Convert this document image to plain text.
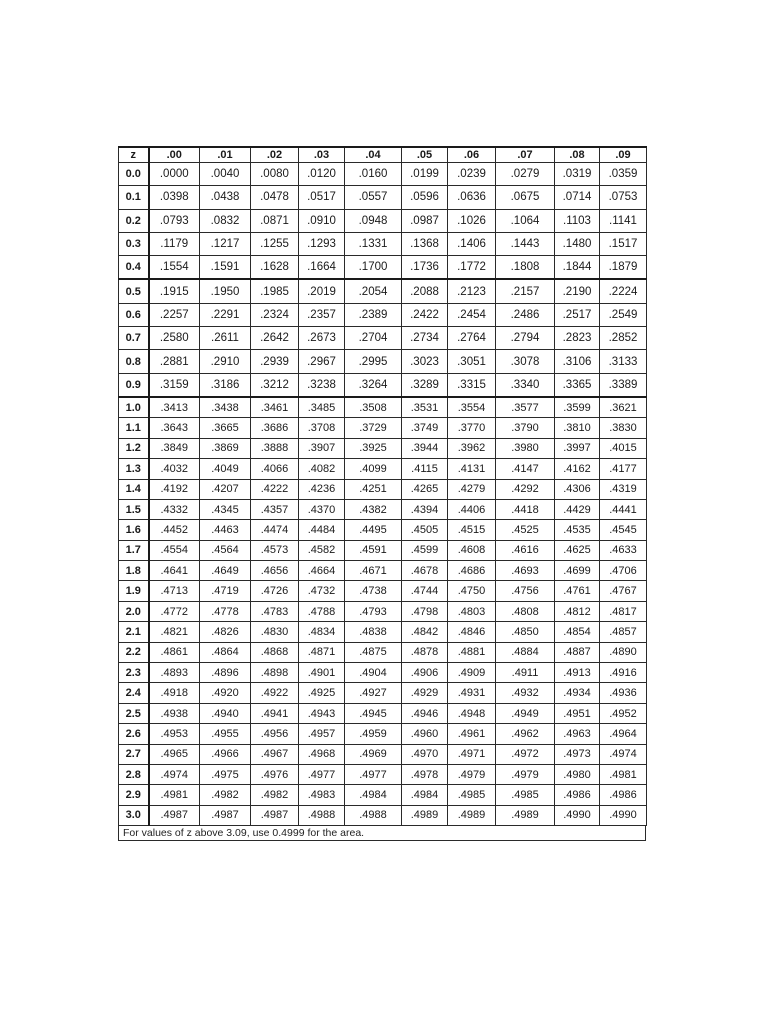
z	.00	.01	.02	.03	.04	.05	.06	.07	.08	.09
0.0	.0000	.0040	.0080	.0120	.0160	.0199	.0239	.0279	.0319	.0359
0.1	.0398	.0438	.0478	.0517	.0557	.0596	.0636	.0675	.0714	.0753
0.2	.0793	.0832	.0871	.0910	.0948	.0987	.1026	.1064	.1103	.1141
0.3	.1179	.1217	.1255	.1293	.1331	.1368	.1406	.1443	.1480	.1517
0.4	.1554	.1591	.1628	.1664	.1700	.1736	.1772	.1808	.1844	.1879
0.5	.1915	.1950	.1985	.2019	.2054	.2088	.2123	.2157	.2190	.2224
0.6	.2257	.2291	.2324	.2357	.2389	.2422	.2454	.2486	.2517	.2549
0.7	.2580	.2611	.2642	.2673	.2704	.2734	.2764	.2794	.2823	.2852
0.8	.2881	.2910	.2939	.2967	.2995	.3023	.3051	.3078	.3106	.3133
0.9	.3159	.3186	.3212	.3238	.3264	.3289	.3315	.3340	.3365	.3389
1.0	.3413	.3438	.3461	.3485	.3508	.3531	.3554	.3577	.3599	.3621
1.1	.3643	.3665	.3686	.3708	.3729	.3749	.3770	.3790	.3810	.3830
1.2	.3849	.3869	.3888	.3907	.3925	.3944	.3962	.3980	.3997	.4015
1.3	.4032	.4049	.4066	.4082	.4099	.4115	.4131	.4147	.4162	.4177
1.4	.4192	.4207	.4222	.4236	.4251	.4265	.4279	.4292	.4306	.4319
1.5	.4332	.4345	.4357	.4370	.4382	.4394	.4406	.4418	.4429	.4441
1.6	.4452	.4463	.4474	.4484	.4495	.4505	.4515	.4525	.4535	.4545
1.7	.4554	.4564	.4573	.4582	.4591	.4599	.4608	.4616	.4625	.4633
1.8	.4641	.4649	.4656	.4664	.4671	.4678	.4686	.4693	.4699	.4706
1.9	.4713	.4719	.4726	.4732	.4738	.4744	.4750	.4756	.4761	.4767
2.0	.4772	.4778	.4783	.4788	.4793	.4798	.4803	.4808	.4812	.4817
2.1	.4821	.4826	.4830	.4834	.4838	.4842	.4846	.4850	.4854	.4857
2.2	.4861	.4864	.4868	.4871	.4875	.4878	.4881	.4884	.4887	.4890
2.3	.4893	.4896	.4898	.4901	.4904	.4906	.4909	.4911	.4913	.4916
2.4	.4918	.4920	.4922	.4925	.4927	.4929	.4931	.4932	.4934	.4936
2.5	.4938	.4940	.4941	.4943	.4945	.4946	.4948	.4949	.4951	.4952
2.6	.4953	.4955	.4956	.4957	.4959	.4960	.4961	.4962	.4963	.4964
2.7	.4965	.4966	.4967	.4968	.4969	.4970	.4971	.4972	.4973	.4974
2.8	.4974	.4975	.4976	.4977	.4977	.4978	.4979	.4979	.4980	.4981
2.9	.4981	.4982	.4982	.4983	.4984	.4984	.4985	.4985	.4986	.4986
3.0	.4987	.4987	.4987	.4988	.4988	.4989	.4989	.4989	.4990	.4990
For values of z above 3.09, use 0.4999 for the area.
